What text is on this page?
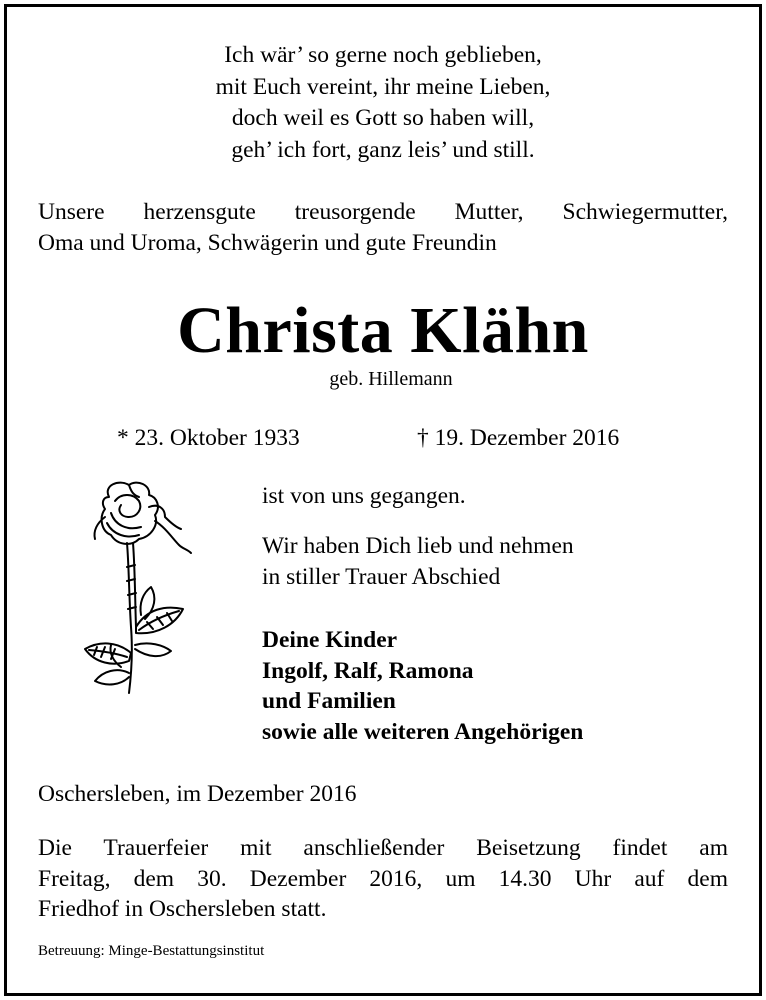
Ich wär’ so gerne noch geblieben,
mit Euch vereint, ihr meine Lieben,
doch weil es Gott so haben will,
geh’ ich fort, ganz leis’ und still.
Unsere herzensgute treusorgende Mutter, Schwiegermutter,
Oma und Uroma, Schwägerin und gute Freundin
Christa Klähn
geb. Hillemann
* 23. Oktober 1933	† 19. Dezember 2016
ist von uns gegangen.
Wir haben Dich lieb und nehmen
in stiller Trauer Abschied
Deine Kinder
Ingolf, Ralf, Ramona
und Familien
sowie alle weiteren Angehörigen
Oschersleben, im Dezember 2016
Die Trauerfeier mit anschließender Beisetzung findet am
Freitag, dem 30. Dezember 2016, um 14.30 Uhr auf dem
Friedhof in Oschersleben statt.
Betreuung: Minge-Bestattungsinstitut
